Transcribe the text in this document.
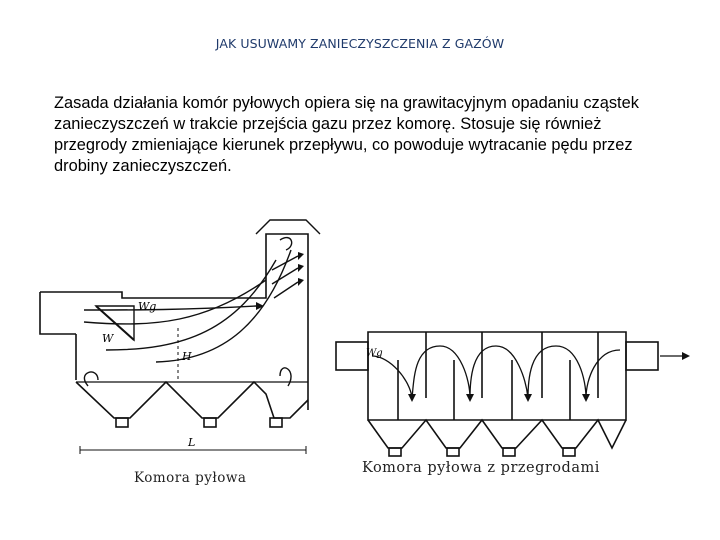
JAK USUWAMY ZANIECZYSZCZENIA Z GAZÓW
Zasada działania komór pyłowych opiera się na grawitacyjnym opadaniu cząstek zanieczyszczeń w trakcie przejścia gazu przez komorę. Stosuje się również przegrody zmieniające kierunek przepływu, co powoduje wytracanie pędu przez drobiny zanieczyszczeń.
Wg
W
H
L
Komora pyłowa
Wg
Komora pyłowa z przegrodami
